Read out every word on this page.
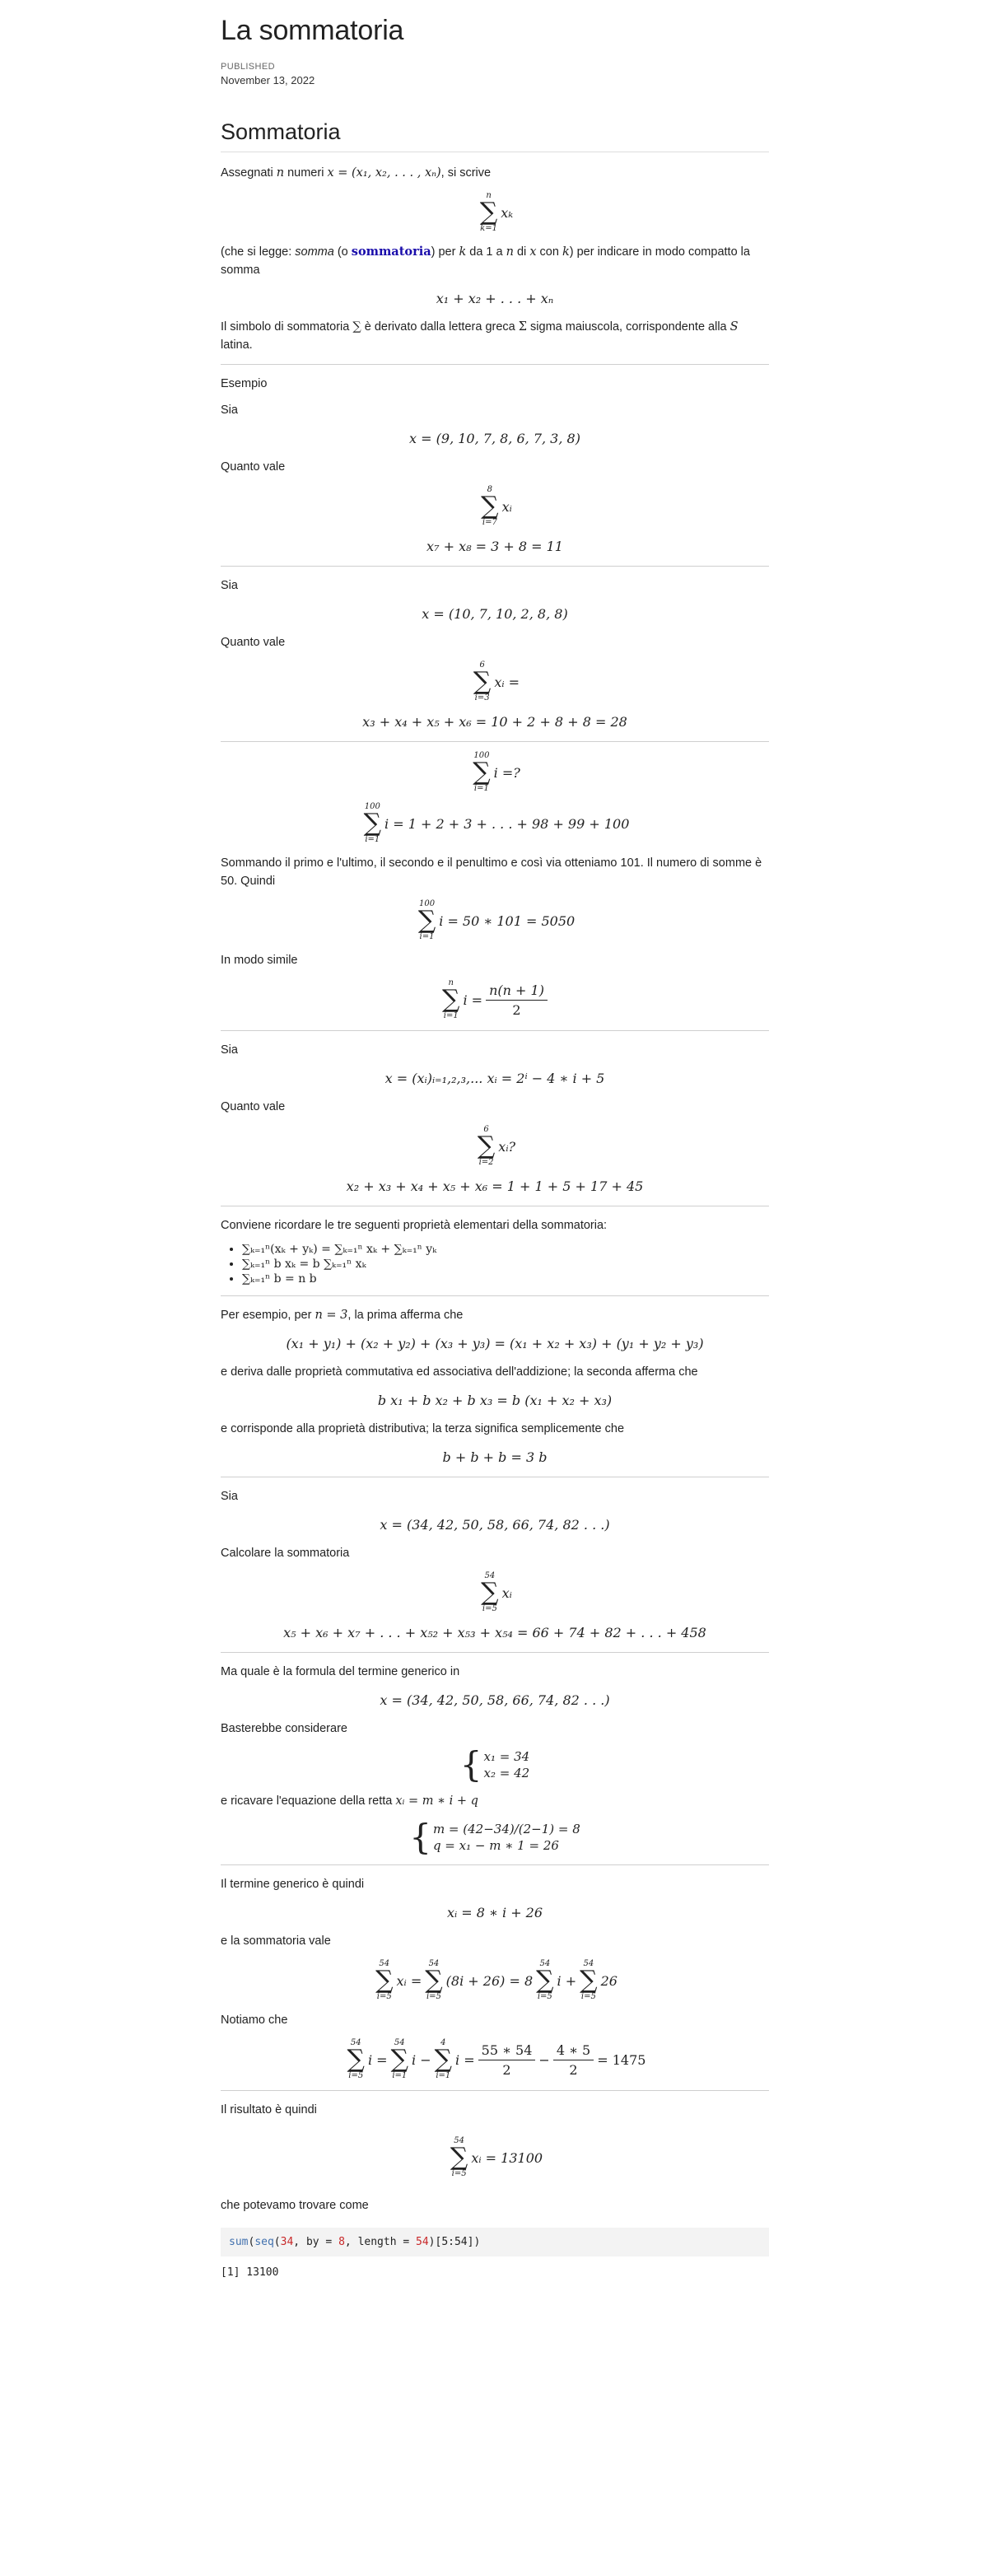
La sommatoria
PUBLISHED
November 13, 2022
Sommatoria

Assegnati n numeri x = (x₁, x₂, . . . , xₙ), si scrive

n
∑
k=1
xₖ

(che si legge: somma (o sommatoria) per k da 1 a n di x con k) per indicare in modo compatto la somma

x₁ + x₂ + . . . + xₙ

Il simbolo di sommatoria ∑ è derivato dalla lettera greca Σ sigma maiuscola, corrispondente alla S latina.

Esempio

Sia

x = (9, 10, 7, 8, 6, 7, 3, 8)

Quanto vale

8
∑
i=7
xᵢ
x₇ + x₈ = 3 + 8 = 11

Sia

x = (10, 7, 10, 2, 8, 8)

Quanto vale

6
∑
i=3
xᵢ =
x₃ + x₄ + x₅ + x₆ = 10 + 2 + 8 + 8 = 28
100
∑
i=1
i =?
100
∑
i=1
i = 1 + 2 + 3 + . . . + 98 + 99 + 100

Sommando il primo e l'ultimo, il secondo e il penultimo e così via otteniamo 101. Il numero di somme è 50. Quindi

100
∑
i=1
i = 50 ∗ 101 = 5050

In modo simile

n
∑
i=1
$i = \frac{n(n + 1)}{2}$

Sia

x = (xᵢ)ᵢ₌₁,₂,₃,... xᵢ = 2ⁱ − 4 ∗ i + 5

Quanto vale

6
∑
i=2
xᵢ?
x₂ + x₃ + x₄ + x₅ + x₆ = 1 + 1 + 5 + 17 + 45

Conviene ricordare le tre seguenti proprietà elementari della sommatoria:

• ∑ₖ₌₁ⁿ(xₖ + yₖ) = ∑ₖ₌₁ⁿ xₖ + ∑ₖ₌₁ⁿ yₖ
• ∑ₖ₌₁ⁿ b xₖ = b ∑ₖ₌₁ⁿ xₖ
• ∑ₖ₌₁ⁿ b = n b

Per esempio, per n = 3, la prima afferma che

(x₁ + y₁) + (x₂ + y₂) + (x₃ + y₃) = (x₁ + x₂ + x₃) + (y₁ + y₂ + y₃)

e deriva dalle proprietà commutativa ed associativa dell'addizione; la seconda afferma che

b x₁ + b x₂ + b x₃ = b (x₁ + x₂ + x₃)

e corrisponde alla proprietà distributiva; la terza significa semplicemente che

b + b + b = 3 b

Sia

x = (34, 42, 50, 58, 66, 74, 82 . . .)

Calcolare la sommatoria

54
∑
i=5
xᵢ
x₅ + x₆ + x₇ + . . . + x₅₂ + x₅₃ + x₅₄ = 66 + 74 + 82 + . . . + 458

Ma quale è la formula del termine generico in

x = (34, 42, 50, 58, 66, 74, 82 . . .)

Basterebbe considerare

{ x₁ = 34
x₂ = 42

e ricavare l'equazione della retta xᵢ = m ∗ i + q

{ m = (42−34)/(2−1) = 8
q = x₁ − m ∗ 1 = 26

Il termine generico è quindi

xᵢ = 8 ∗ i + 26

e la sommatoria vale

54
∑
i=5
xᵢ =
54
∑
i=5
(8i + 26) = 8
54
∑
i=5
i +
54
∑
i=5
26

Notiamo che

54
∑
i=5
i =
54
∑
i=1
i −
4
∑
i=1
$i = \frac{55 ∗ 54}{2} - \frac{4 ∗ 5}{2} = 1475$

Il risultato è quindi

54
∑
i=5
xᵢ = 13100

che potevamo trovare come

sum(seq(34, by = 8, length = 54)[5:54])
[1] 13100
